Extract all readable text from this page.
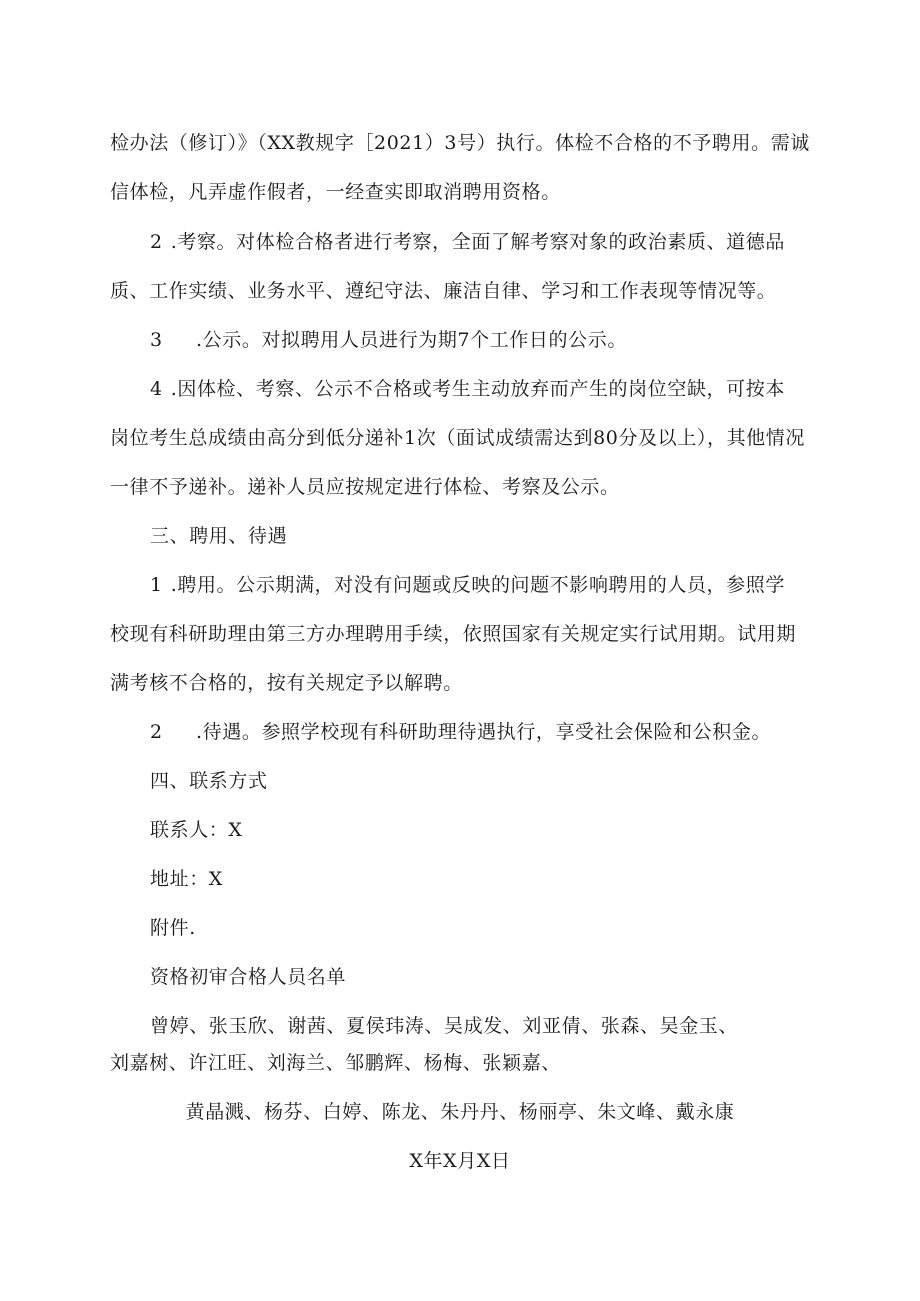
检办法（修订）》（XX教规字［2021）3号）执行。体检不合格的不予聘用。需诚
信体检，凡弄虚作假者，一经查实即取消聘用资格。
2 .考察。对体检合格者进行考察，全面了解考察对象的政治素质、道德品
质、工作实绩、业务水平、遵纪守法、廉洁自律、学习和工作表现等情况等。
3 .公示。对拟聘用人员进行为期7个工作日的公示。
4 .因体检、考察、公示不合格或考生主动放弃而产生的岗位空缺，可按本
岗位考生总成绩由高分到低分递补1次（面试成绩需达到80分及以上），其他情况
一律不予递补。递补人员应按规定进行体检、考察及公示。
三、聘用、待遇
1 .聘用。公示期满，对没有问题或反映的问题不影响聘用的人员，参照学
校现有科研助理由第三方办理聘用手续，依照国家有关规定实行试用期。试用期
满考核不合格的，按有关规定予以解聘。
2 .待遇。参照学校现有科研助理待遇执行，享受社会保险和公积金。
四、联系方式
联系人：X
地址：X
附件.
资格初审合格人员名单
曾婷、张玉欣、谢茜、夏侯玮涛、吴成发、刘亚倩、张森、吴金玉、
刘嘉树、许江旺、刘海兰、邹鹏辉、杨梅、张颖嘉、
黄晶溅、杨芬、白婷、陈龙、朱丹丹、杨丽亭、朱文峰、戴永康
X年X月X日
